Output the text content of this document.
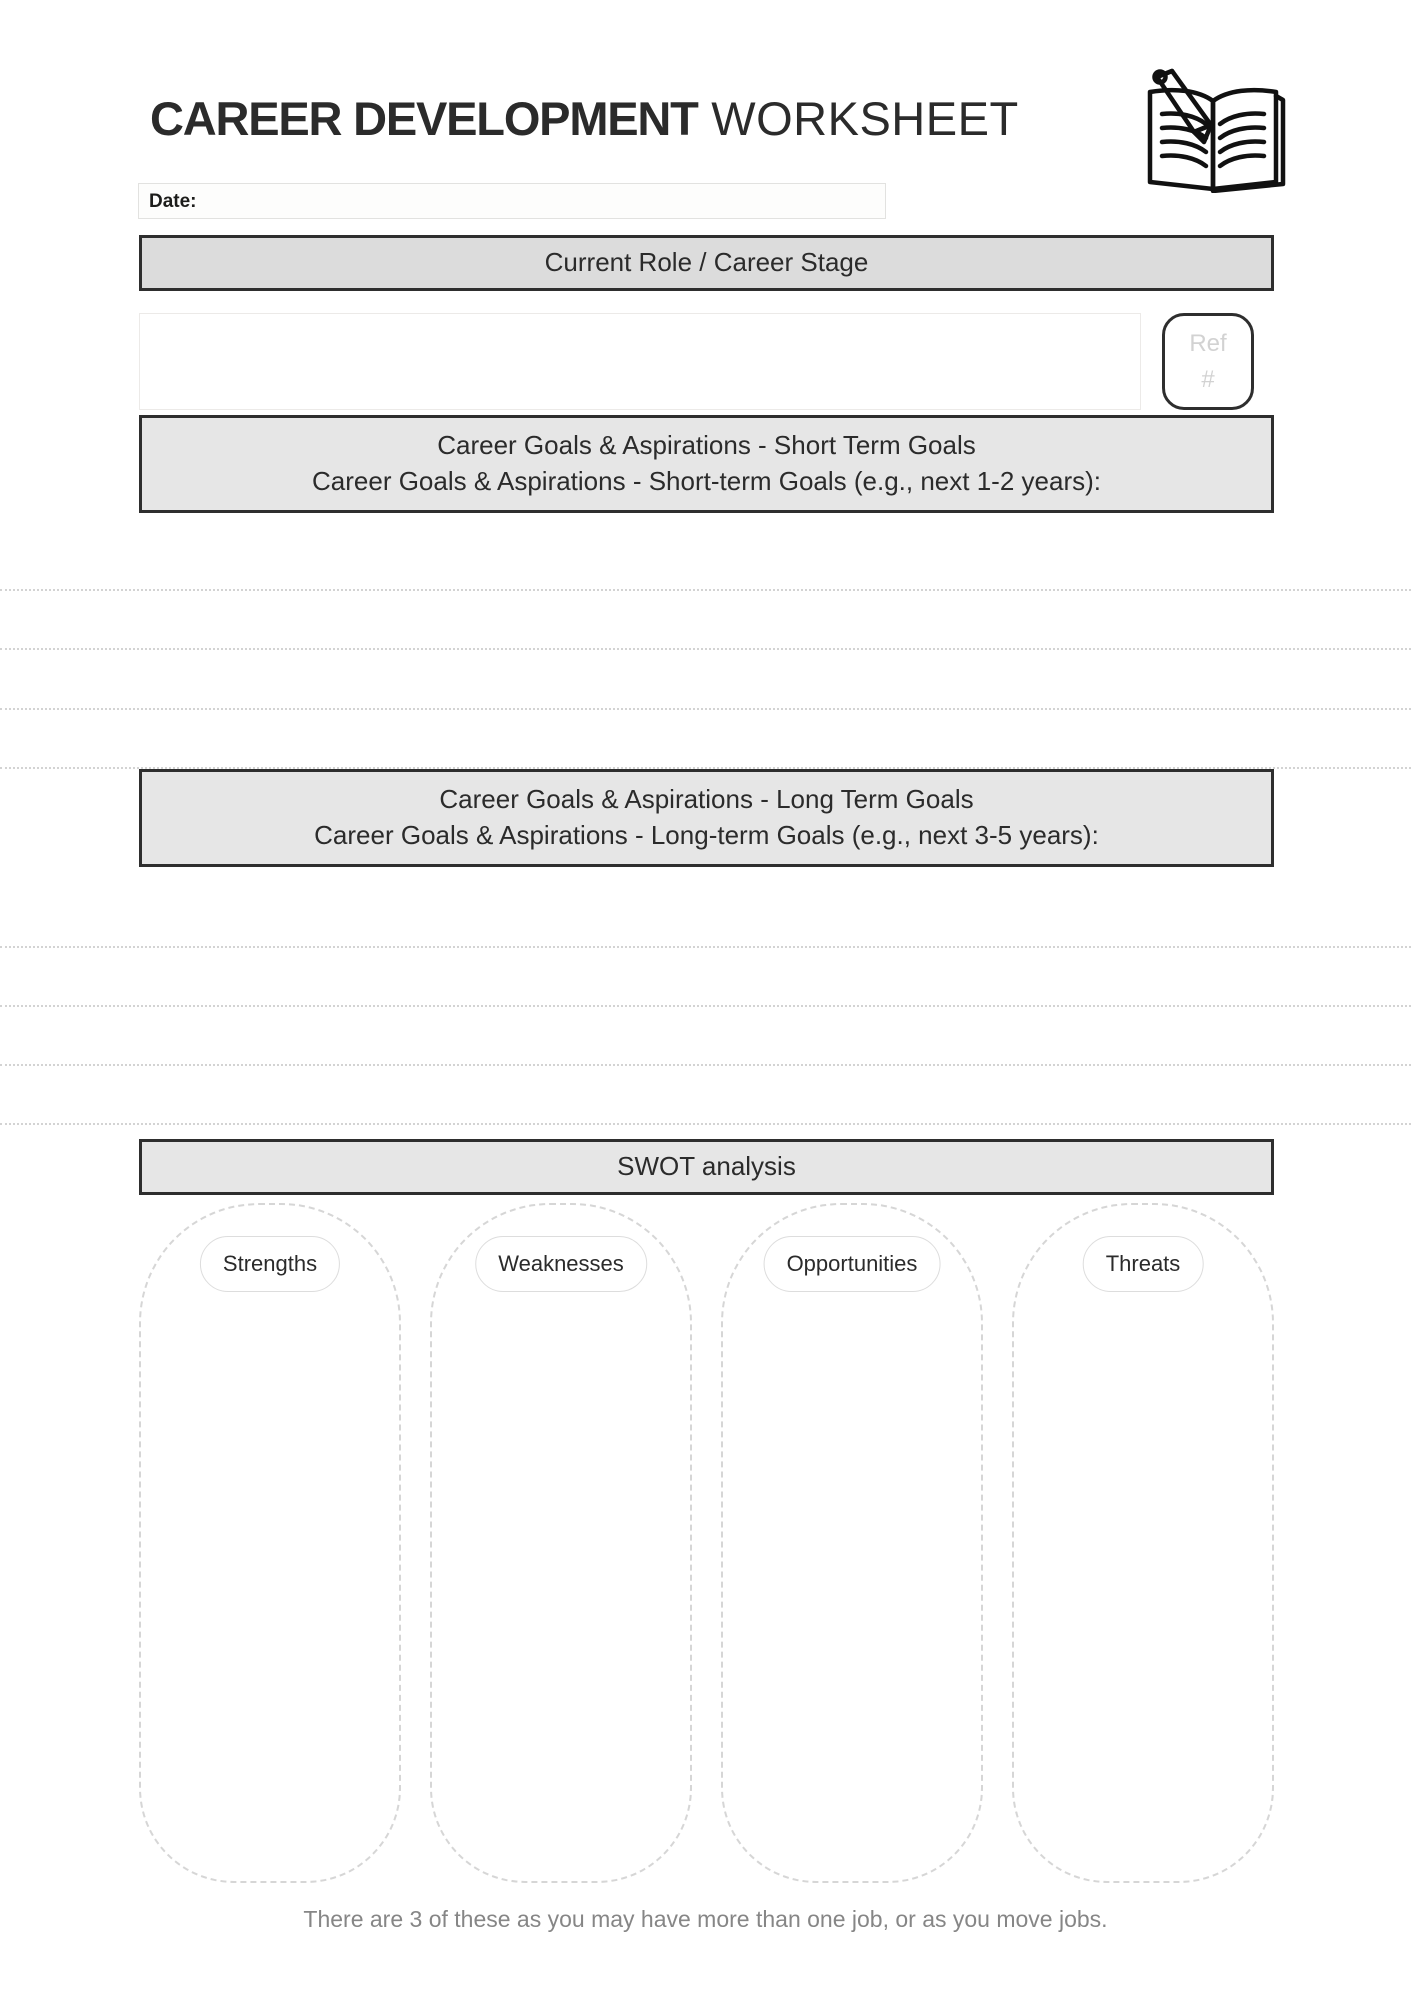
CAREER DEVELOPMENT WORKSHEET
Date:
Current Role / Career Stage
Ref
#
Career Goals & Aspirations - Short Term Goals
Career Goals & Aspirations - Short-term Goals (e.g., next 1-2 years):
Career Goals & Aspirations - Long Term Goals
Career Goals & Aspirations - Long-term Goals (e.g., next 3-5 years):
SWOT analysis
Strengths	Weaknesses	Opportunities	Threats
There are 3 of these as you may have more than one job, or as you move jobs.
